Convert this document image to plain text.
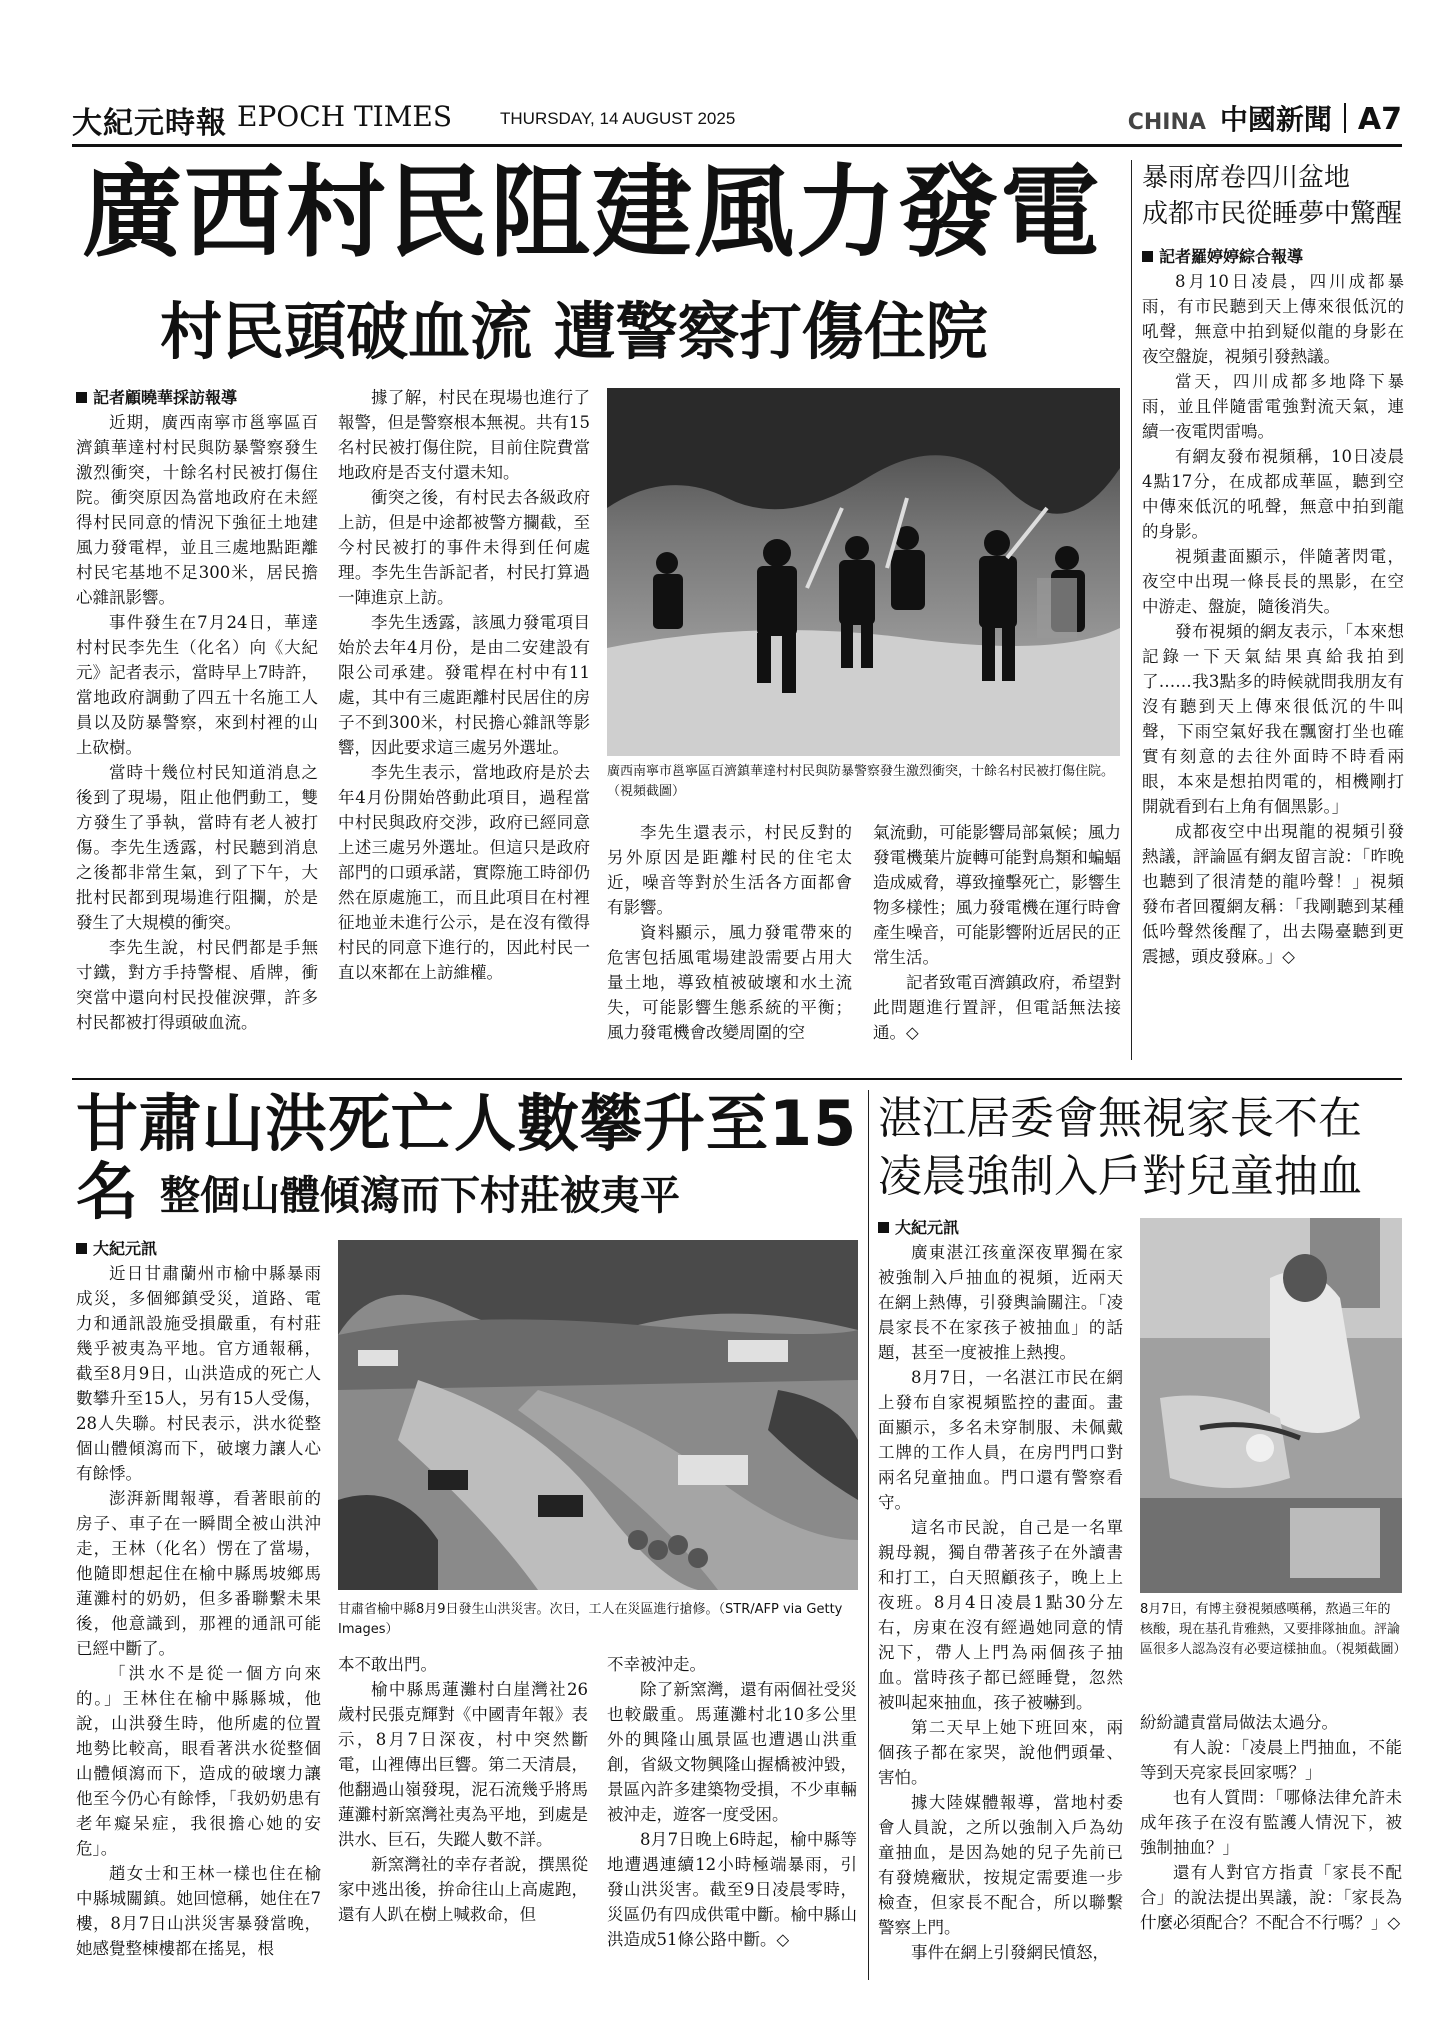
大紀元時報 EPOCH TIMES	THURSDAY, 14 AUGUST 2025	CHINA 中國新聞 A7
廣西村民阻建風力發電
村民頭破血流 遭警察打傷住院

記者顧曉華採訪報導

近期，廣西南寧市邕寧區百濟鎮華達村村民與防暴警察發生激烈衝突，十餘名村民被打傷住院。衝突原因為當地政府在未經得村民同意的情況下強征土地建風力發電桿，並且三處地點距離村民宅基地不足300米，居民擔心雜訊影響。

事件發生在7月24日，華達村村民李先生（化名）向《大紀元》記者表示，當時早上7時許，當地政府調動了四五十名施工人員以及防暴警察，來到村裡的山上砍樹。

當時十幾位村民知道消息之後到了現場，阻止他們動工，雙方發生了爭執，當時有老人被打傷。李先生透露，村民聽到消息之後都非常生氣，到了下午，大批村民都到現場進行阻攔，於是發生了大規模的衝突。

李先生說，村民們都是手無寸鐵，對方手持警棍、盾牌，衝突當中還向村民投催淚彈，許多村民都被打得頭破血流。

據了解，村民在現場也進行了報警，但是警察根本無視。共有15名村民被打傷住院，目前住院費當地政府是否支付還未知。

衝突之後，有村民去各級政府上訪，但是中途都被警方攔截，至今村民被打的事件未得到任何處理。李先生告訴記者，村民打算過一陣進京上訪。

李先生透露，該風力發電項目始於去年4月份，是由二安建設有限公司承建。發電桿在村中有11處，其中有三處距離村民居住的房子不到300米，村民擔心雜訊等影響，因此要求這三處另外選址。

李先生表示，當地政府是於去年4月份開始啓動此項目，過程當中村民與政府交涉，政府已經同意上述三處另外選址。但這只是政府部門的口頭承諾，實際施工時卻仍然在原處施工，而且此項目在村裡征地並未進行公示，是在沒有徵得村民的同意下進行的，因此村民一直以來都在上訪維權。

廣西南寧市邕寧區百濟鎮華達村村民與防暴警察發生激烈衝突，十餘名村民被打傷住院。（視頻截圖）

李先生還表示，村民反對的另外原因是距離村民的住宅太近，噪音等對於生活各方面都會有影響。

資料顯示，風力發電帶來的危害包括風電場建設需要占用大量土地，導致植被破壞和水土流失，可能影響生態系統的平衡；風力發電機會改變周圍的空

氣流動，可能影響局部氣候；風力發電機葉片旋轉可能對鳥類和蝙蝠造成威脅，導致撞擊死亡，影響生物多樣性；風力發電機在運行時會產生噪音，可能影響附近居民的正常生活。

記者致電百濟鎮政府，希望對此問題進行置評，但電話無法接通。◇

暴雨席卷四川盆地
成都市民從睡夢中驚醒

記者羅婷婷綜合報導

8月10日凌晨，四川成都暴雨，有市民聽到天上傳來很低沉的吼聲，無意中拍到疑似龍的身影在夜空盤旋，視頻引發熱議。

當天，四川成都多地降下暴雨，並且伴隨雷電強對流天氣，連續一夜電閃雷鳴。

有網友發布視頻稱，10日凌晨4點17分，在成都成華區，聽到空中傳來低沉的吼聲，無意中拍到龍的身影。

視頻畫面顯示，伴隨著閃電，夜空中出現一條長長的黑影，在空中游走、盤旋，隨後消失。

發布視頻的網友表示，「本來想記錄一下天氣結果真給我拍到了……我3點多的時候就問我朋友有沒有聽到天上傳來很低沉的牛叫聲，下雨空氣好我在飄窗打坐也確實有刻意的去往外面時不時看兩眼，本來是想拍閃電的，相機剛打開就看到右上角有個黑影。」

成都夜空中出現龍的視頻引發熱議，評論區有網友留言說：「昨晚也聽到了很清楚的龍吟聲！」視頻發布者回覆網友稱：「我剛聽到某種低吟聲然後醒了，出去陽臺聽到更震撼，頭皮發麻。」◇

甘肅山洪死亡人數攀升至15名 整個山體傾瀉而下村莊被夷平

大紀元訊

近日甘肅蘭州市榆中縣暴雨成災，多個鄉鎮受災，道路、電力和通訊設施受損嚴重，有村莊幾乎被夷為平地。官方通報稱，截至8月9日，山洪造成的死亡人數攀升至15人，另有15人受傷，28人失聯。村民表示，洪水從整個山體傾瀉而下，破壞力讓人心有餘悸。

澎湃新聞報導，看著眼前的房子、車子在一瞬間全被山洪沖走，王林（化名）愣在了當場，他隨即想起住在榆中縣馬坡鄉馬蓮灘村的奶奶，但多番聯繫未果後，他意識到，那裡的通訊可能已經中斷了。

「洪水不是從一個方向來的。」王林住在榆中縣縣城，他說，山洪發生時，他所處的位置地勢比較高，眼看著洪水從整個山體傾瀉而下，造成的破壞力讓他至今仍心有餘悸，「我奶奶患有老年癡呆症，我很擔心她的安危」。

趙女士和王林一樣也住在榆中縣城關鎮。她回憶稱，她住在7樓，8月7日山洪災害暴發當晚，她感覺整棟樓都在搖晃，根

甘肅省榆中縣8月9日發生山洪災害。次日，工人在災區進行搶修。（STR/AFP via Getty Images）

本不敢出門。

榆中縣馬蓮灘村白崖灣社26歲村民張克輝對《中國青年報》表示，8月7日深夜，村中突然斷電，山裡傳出巨響。第二天清晨，他翻過山嶺發現，泥石流幾乎將馬蓮灘村新窯灣社夷為平地，到處是洪水、巨石，失蹤人數不詳。

新窯灣社的幸存者說，撰黑從家中逃出後，拚命往山上高處跑，還有人趴在樹上喊救命，但

不幸被沖走。

除了新窯灣，還有兩個社受災也較嚴重。馬蓮灘村北10多公里外的興隆山風景區也遭遇山洪重創，省級文物興隆山握橋被沖毀，景區內許多建築物受損，不少車輛被沖走，遊客一度受困。

8月7日晚上6時起，榆中縣等地遭遇連續12小時極端暴雨，引發山洪災害。截至9日凌晨零時，災區仍有四成供電中斷。榆中縣山洪造成51條公路中斷。◇

湛江居委會無視家長不在
凌晨強制入戶對兒童抽血

大紀元訊

廣東湛江孩童深夜單獨在家被強制入戶抽血的視頻，近兩天在網上熱傳，引發輿論關注。「凌晨家長不在家孩子被抽血」的話題，甚至一度被推上熱搜。

8月7日，一名湛江市民在網上發布自家視頻監控的畫面。畫面顯示，多名未穿制服、未佩戴工牌的工作人員，在房門門口對兩名兒童抽血。門口還有警察看守。

這名市民說，自己是一名單親母親，獨自帶著孩子在外讀書和打工，白天照顧孩子，晚上上夜班。8月4日凌晨1點30分左右，房東在沒有經過她同意的情況下，帶人上門為兩個孩子抽血。當時孩子都已經睡覺，忽然被叫起來抽血，孩子被嚇到。

第二天早上她下班回來，兩個孩子都在家哭，說他們頭暈、害怕。

據大陸媒體報導，當地村委會人員說，之所以強制入戶為幼童抽血，是因為她的兒子先前已有發燒癥狀，按規定需要進一步檢查，但家長不配合，所以聯繫警察上門。

事件在網上引發網民憤怒，

8月7日，有博主發視頻感嘆稱，熬過三年的核酸，現在基孔肯雅熱，又要排隊抽血。評論區很多人認為沒有必要這樣抽血。（視頻截圖）

紛紛譴責當局做法太過分。

有人說：「凌晨上門抽血，不能等到天亮家長回家嗎？」

也有人質問：「哪條法律允許未成年孩子在沒有監護人情況下，被強制抽血？」

還有人對官方指責「家長不配合」的說法提出異議，說：「家長為什麼必須配合？不配合不行嗎？」◇
